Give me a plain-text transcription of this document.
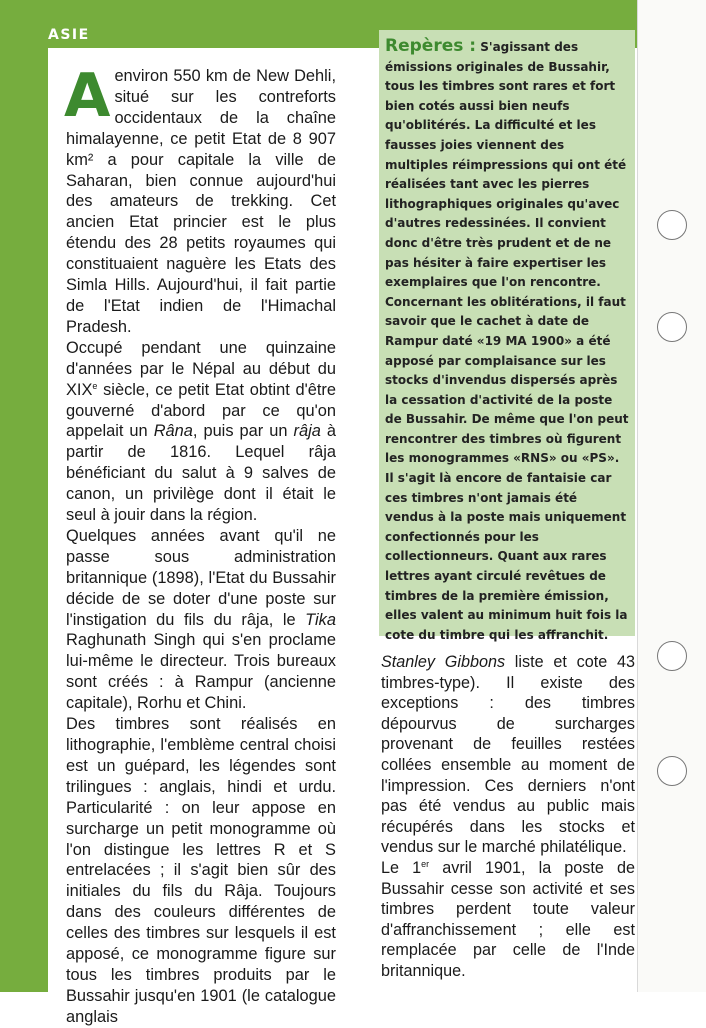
ASIE

A environ 550 km de New Dehli, situé sur les contreforts occidentaux de la chaîne himalayenne, ce petit Etat de 8 907 km² a pour capitale la ville de Saharan, bien connue aujourd'hui des amateurs de trekking. Cet ancien Etat princier est le plus étendu des 28 petits royaumes qui constituaient naguère les Etats des Simla Hills. Aujourd'hui, il fait partie de l'Etat indien de l'Himachal Pradesh.

Occupé pendant une quinzaine d'années par le Népal au début du XIXe siècle, ce petit Etat obtint d'être gouverné d'abord par ce qu'on appelait un Râna, puis par un râja à partir de 1816. Lequel râja bénéficiant du salut à 9 salves de canon, un privilège dont il était le seul à jouir dans la région.

Quelques années avant qu'il ne passe sous administration britannique (1898), l'Etat du Bussahir décide de se doter d'une poste sur l'instigation du fils du râja, le Tika Raghunath Singh qui s'en proclame lui-même le directeur. Trois bureaux sont créés : à Rampur (ancienne capitale), Rorhu et Chini.

Des timbres sont réalisés en lithographie, l'emblème central choisi est un guépard, les légendes sont trilingues : anglais, hindi et urdu. Particularité : on leur appose en surcharge un petit monogramme où l'on distingue les lettres R et S entrelacées ; il s'agit bien sûr des initiales du fils du Râja. Toujours dans des couleurs différentes de celles des timbres sur lesquels il est apposé, ce monogramme figure sur tous les timbres produits par le Bussahir jusqu'en 1901 (le catalogue anglais

Repères : S'agissant des émissions originales de Bussahir, tous les timbres sont rares et fort bien cotés aussi bien neufs qu'oblitérés. La difficulté et les fausses joies viennent des multiples réimpressions qui ont été réalisées tant avec les pierres lithographiques originales qu'avec d'autres redessinées. Il convient donc d'être très prudent et de ne pas hésiter à faire expertiser les exemplaires que l'on rencontre. Concernant les oblitérations, il faut savoir que le cachet à date de Rampur daté «19 MA 1900» a été apposé par complaisance sur les stocks d'invendus dispersés après la cessation d'activité de la poste de Bussahir. De même que l'on peut rencontrer des timbres où figurent les monogrammes «RNS» ou «PS». Il s'agit là encore de fantaisie car ces timbres n'ont jamais été vendus à la poste mais uniquement confectionnés pour les collectionneurs. Quant aux rares lettres ayant circulé revêtues de timbres de la première émission, elles valent au minimum huit fois la cote du timbre qui les affranchit.

Stanley Gibbons liste et cote 43 timbres-type). Il existe des exceptions : des timbres dépourvus de surcharges provenant de feuilles restées collées ensemble au moment de l'impression. Ces derniers n'ont pas été vendus au public mais récupérés dans les stocks et vendus sur le marché philatélique.

Le 1er avril 1901, la poste de Bussahir cesse son activité et ses timbres perdent toute valeur d'affranchissement ; elle est remplacée par celle de l'Inde britannique.
